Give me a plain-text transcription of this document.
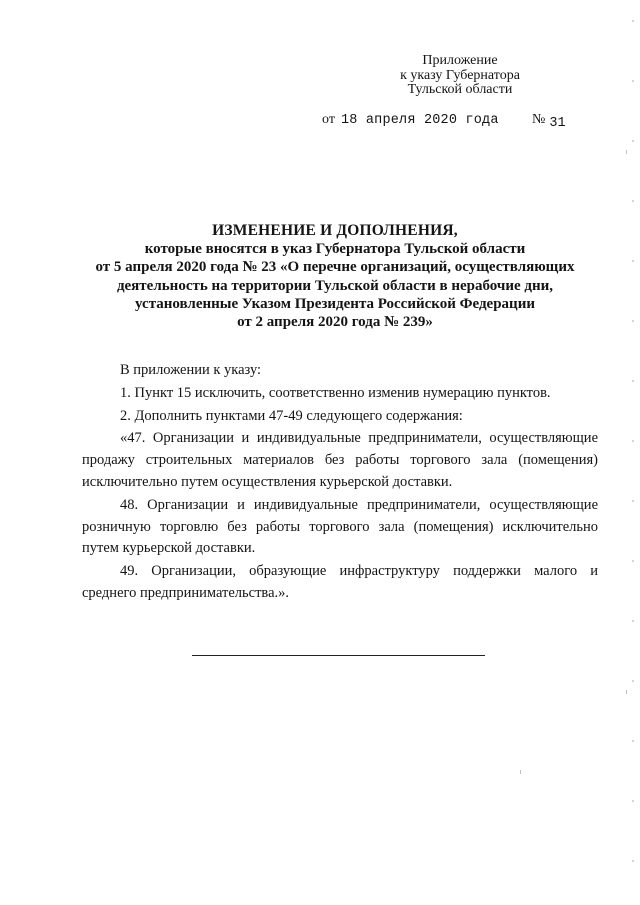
Приложение
к указу Губернатора
Тульской области
от 18 апреля 2020 года № 31
ИЗМЕНЕНИЕ И ДОПОЛНЕНИЯ,
которые вносятся в указ Губернатора Тульской области
от 5 апреля 2020 года № 23 «О перечне организаций, осуществляющих
деятельность на территории Тульской области в нерабочие дни,
установленные Указом Президента Российской Федерации
от 2 апреля 2020 года № 239»

В приложении к указу:

1. Пункт 15 исключить, соответственно изменив нумерацию пунктов.

2. Дополнить пунктами 47-49 следующего содержания:

«47. Организации и индивидуальные предприниматели, осуществляющие продажу строительных материалов без работы торгового зала (помещения) исключительно путем осуществления курьерской доставки.

48. Организации и индивидуальные предприниматели, осуществляющие розничную торговлю без работы торгового зала (помещения) исключительно путем курьерской доставки.

49. Организации, образующие инфраструктуру поддержки малого и среднего предпринимательства.».
